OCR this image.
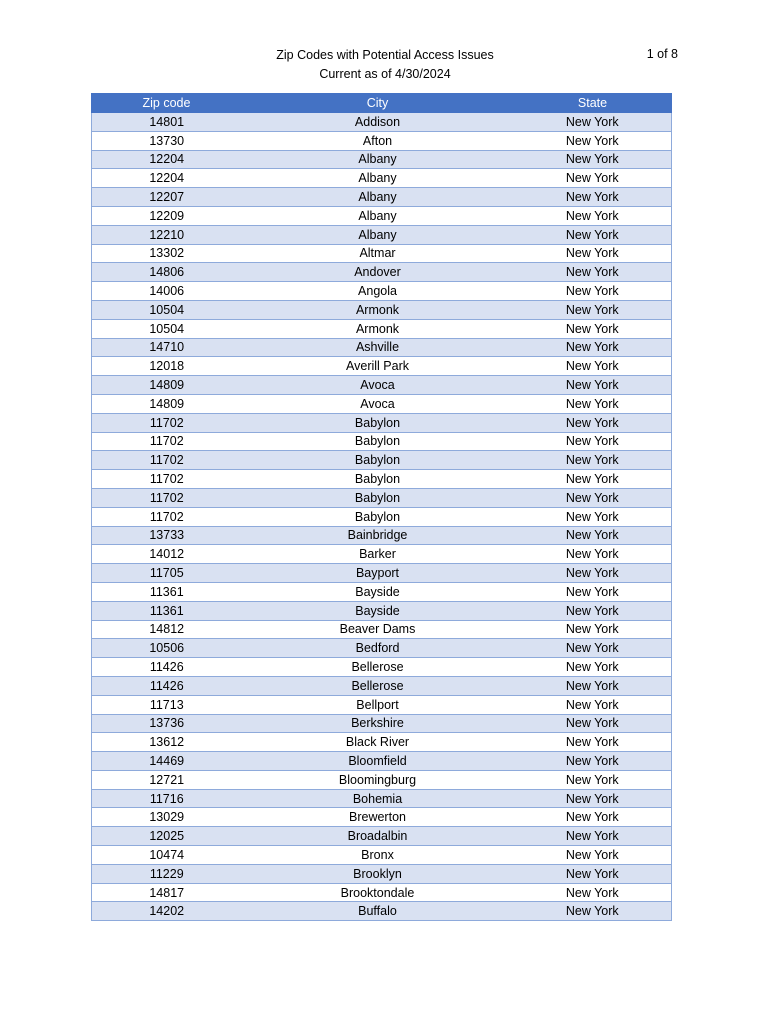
Zip Codes with Potential Access Issues
Current as of 4/30/2024
1 of 8
Zip code	City	State
14801	Addison	New York
13730	Afton	New York
12204	Albany	New York
12204	Albany	New York
12207	Albany	New York
12209	Albany	New York
12210	Albany	New York
13302	Altmar	New York
14806	Andover	New York
14006	Angola	New York
10504	Armonk	New York
10504	Armonk	New York
14710	Ashville	New York
12018	Averill Park	New York
14809	Avoca	New York
14809	Avoca	New York
11702	Babylon	New York
11702	Babylon	New York
11702	Babylon	New York
11702	Babylon	New York
11702	Babylon	New York
11702	Babylon	New York
13733	Bainbridge	New York
14012	Barker	New York
11705	Bayport	New York
11361	Bayside	New York
11361	Bayside	New York
14812	Beaver Dams	New York
10506	Bedford	New York
11426	Bellerose	New York
11426	Bellerose	New York
11713	Bellport	New York
13736	Berkshire	New York
13612	Black River	New York
14469	Bloomfield	New York
12721	Bloomingburg	New York
11716	Bohemia	New York
13029	Brewerton	New York
12025	Broadalbin	New York
10474	Bronx	New York
11229	Brooklyn	New York
14817	Brooktondale	New York
14202	Buffalo	New York
